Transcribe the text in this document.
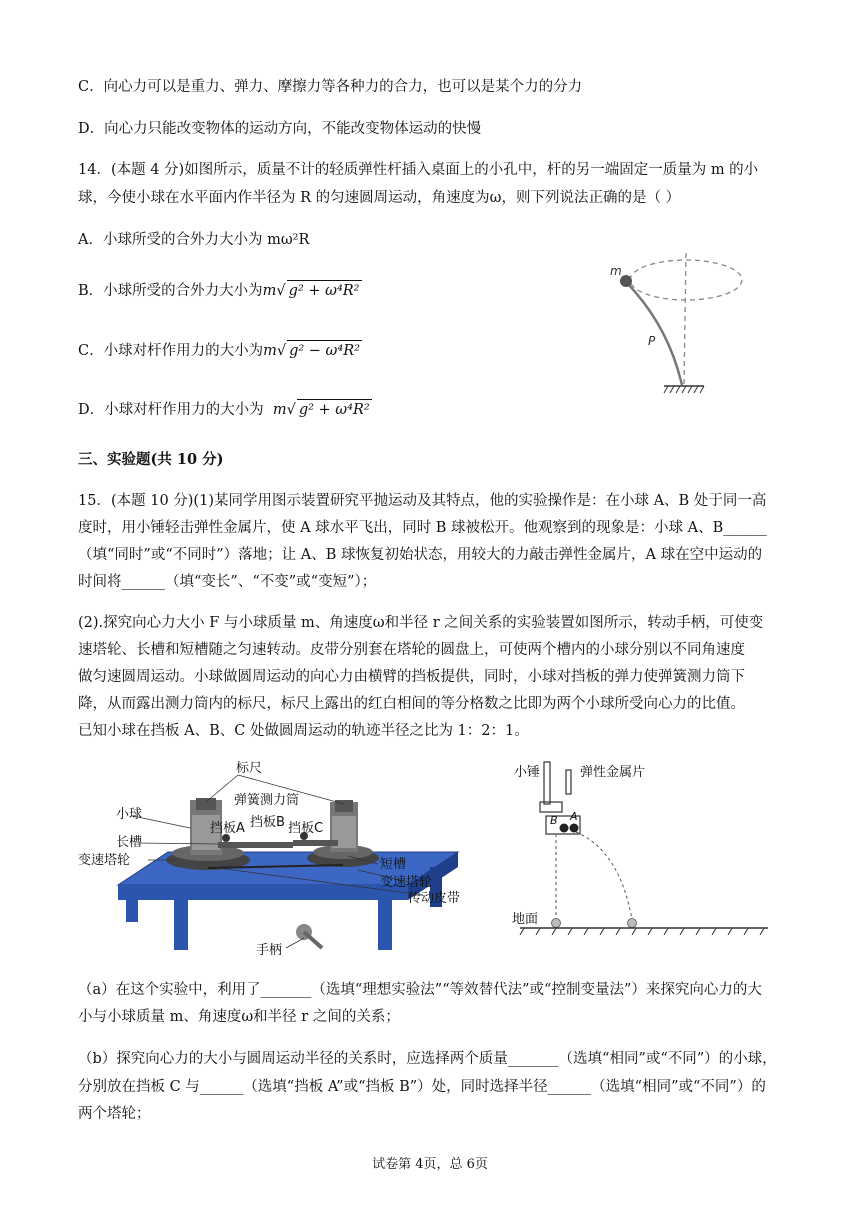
C．向心力可以是重力、弹力、摩擦力等各种力的合力，也可以是某个力的分力
D．向心力只能改变物体的运动方向，不能改变物体运动的快慢
14．(本题 4 分)如图所示，质量不计的轻质弹性杆插入桌面上的小孔中，杆的另一端固定一质量为 m 的小
球，今使小球在水平面内作半径为 R 的匀速圆周运动，角速度为ω，则下列说法正确的是（ ）
A．小球所受的合外力大小为 mω²R
B．小球所受的合外力大小为m√ g² + ω⁴R²
C．小球对杆作用力的大小为m√ g² − ω⁴R²
D．小球对杆作用力的大小为 m√ g² + ω⁴R²
m
P
三、实验题(共 10 分)
15．(本题 10 分)(1)某同学用图示装置研究平抛运动及其特点，他的实验操作是：在小球 A、B 处于同一高
度时，用小锤轻击弹性金属片，使 A 球水平飞出，同时 B 球被松开。他观察到的现象是：小球 A、B______
（填“同时”或“不同时”）落地；让 A、B 球恢复初始状态，用较大的力敲击弹性金属片，A 球在空中运动的
时间将______（填“变长”、“不变”或“变短”）；
(2).探究向心力大小 F 与小球质量 m、角速度ω和半径 r 之间关系的实验装置如图所示，转动手柄，可使变
速塔轮、长槽和短槽随之匀速转动。皮带分别套在塔轮的圆盘上，可使两个槽内的小球分别以不同角速度
做匀速圆周运动。小球做圆周运动的向心力由横臂的挡板提供，同时，小球对挡板的弹力使弹簧测力筒下
降，从而露出测力筒内的标尺，标尺上露出的红白相间的等分格数之比即为两个小球所受向心力的比值。
已知小球在挡板 A、B、C 处做圆周运动的轨迹半径之比为 1：2：1。
标尺
小球
弹簧测力筒
挡板A 挡板B 挡板C
长槽
变速塔轮	短槽
变速塔轮
传动皮带
手柄
小锤	弹性金属片
B A
地面
（a）在这个实验中，利用了_______（选填“理想实验法”“等效替代法”或“控制变量法”）来探究向心力的大
小与小球质量 m、角速度ω和半径 r 之间的关系；
（b）探究向心力的大小与圆周运动半径的关系时，应选择两个质量_______（选填“相同”或“不同”）的小球，
分别放在挡板 C 与______（选填“挡板 A”或“挡板 B”）处，同时选择半径______（选填“相同”或“不同”）的
两个塔轮；
试卷第 4页，总 6页
